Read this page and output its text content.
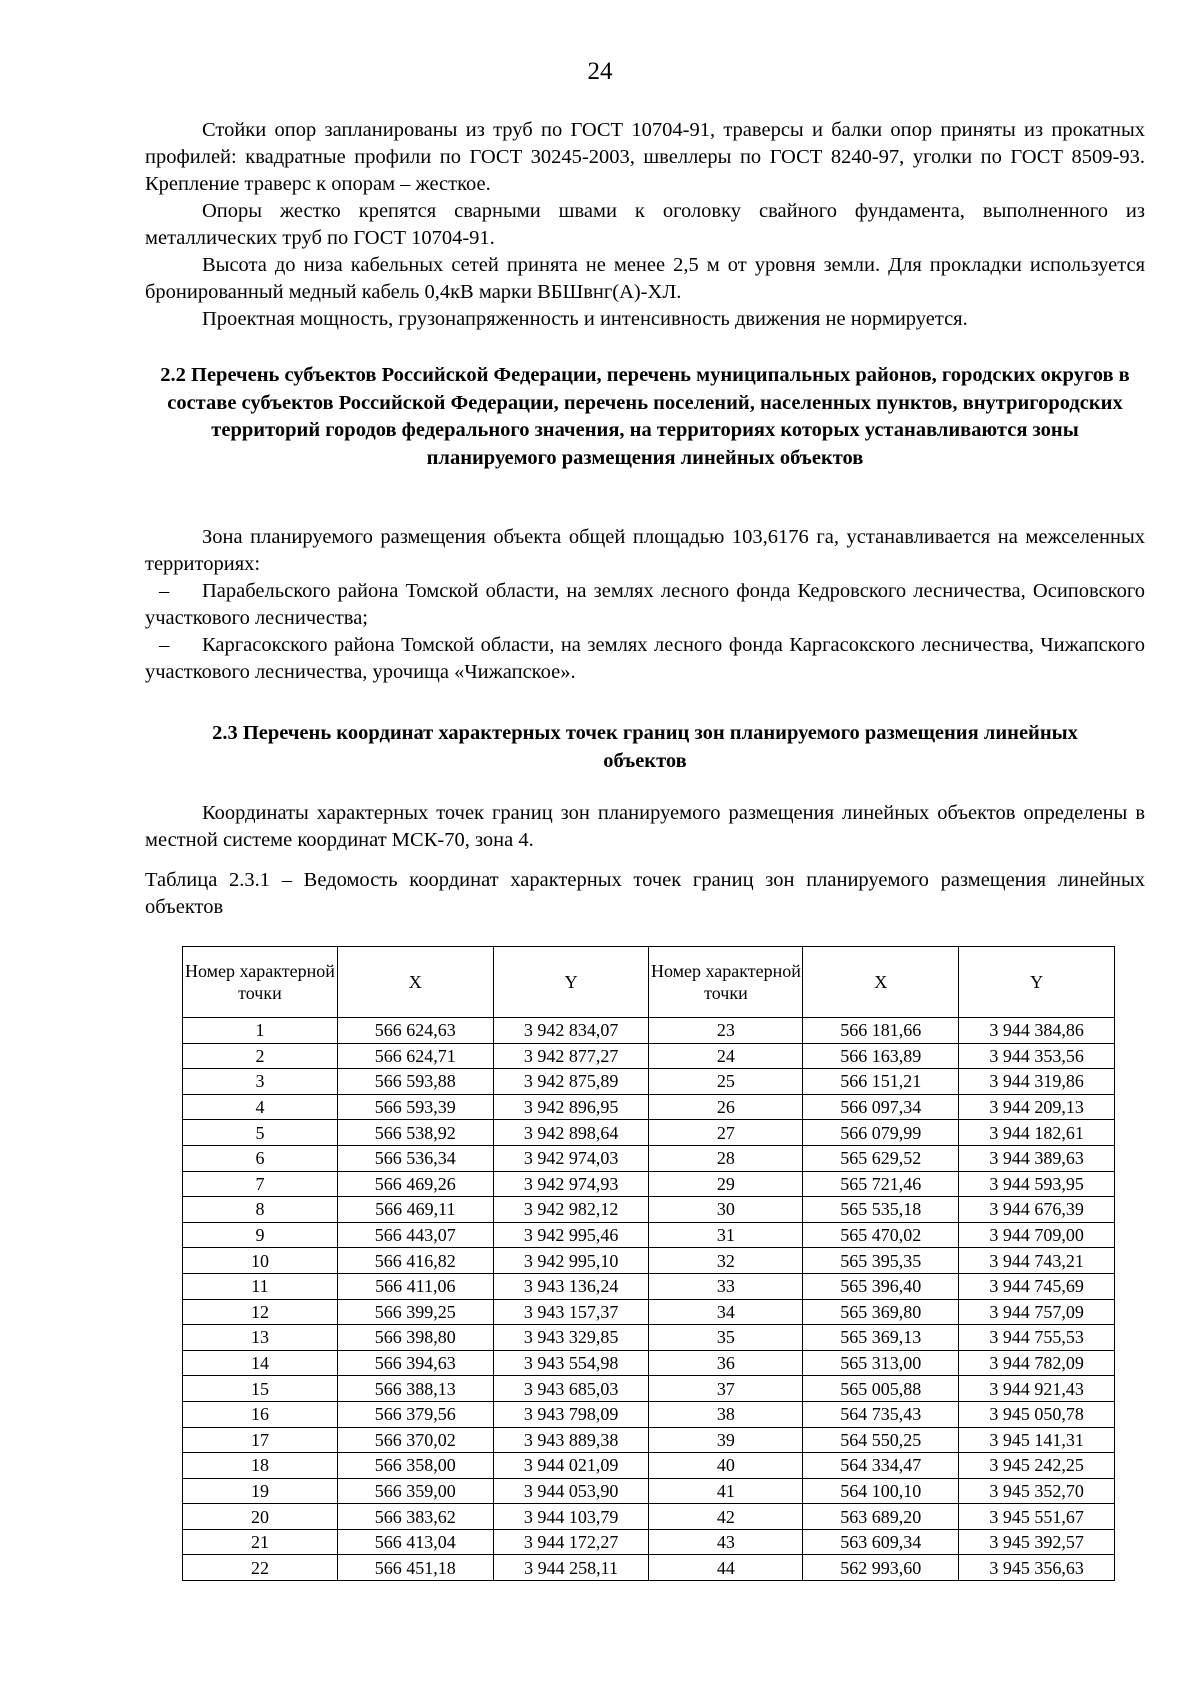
24

Стойки опор запланированы из труб по ГОСТ 10704-91, траверсы и балки опор приняты из прокатных профилей: квадратные профили по ГОСТ 30245-2003, швеллеры по ГОСТ 8240-97, уголки по ГОСТ 8509-93. Крепление траверс к опорам – жесткое.

Опоры жестко крепятся сварными швами к оголовку свайного фундамента, выполненного из металлических труб по ГОСТ 10704-91.

Высота до низа кабельных сетей принята не менее 2,5 м от уровня земли. Для прокладки используется бронированный медный кабель 0,4кВ марки ВБШвнг(А)-ХЛ.

Проектная мощность, грузонапряженность и интенсивность движения не нормируется.

2.2 Перечень субъектов Российской Федерации, перечень муниципальных районов, городских округов в составе субъектов Российской Федерации, перечень поселений, населенных пунктов, внутригородских территорий городов федерального значения, на территориях которых устанавливаются зоны планируемого размещения линейных объектов

Зона планируемого размещения объекта общей площадью 103,6176 га, устанавливается на межселенных территориях:

– Парабельского района Томской области, на землях лесного фонда Кедровского лесничества, Осиповского участкового лесничества;

– Каргасокского района Томской области, на землях лесного фонда Каргасокского лесничества, Чижапского участкового лесничества, урочища «Чижапское».

2.3 Перечень координат характерных точек границ зон планируемого размещения линейных объектов

Координаты характерных точек границ зон планируемого размещения линейных объектов определены в местной системе координат МСК-70, зона 4.

Таблица 2.3.1 – Ведомость координат характерных точек границ зон планируемого размещения линейных объектов

Номер характерной точки	X	Y	Номер характерной точки	X	Y
1	566 624,63	3 942 834,07	23	566 181,66	3 944 384,86
2	566 624,71	3 942 877,27	24	566 163,89	3 944 353,56
3	566 593,88	3 942 875,89	25	566 151,21	3 944 319,86
4	566 593,39	3 942 896,95	26	566 097,34	3 944 209,13
5	566 538,92	3 942 898,64	27	566 079,99	3 944 182,61
6	566 536,34	3 942 974,03	28	565 629,52	3 944 389,63
7	566 469,26	3 942 974,93	29	565 721,46	3 944 593,95
8	566 469,11	3 942 982,12	30	565 535,18	3 944 676,39
9	566 443,07	3 942 995,46	31	565 470,02	3 944 709,00
10	566 416,82	3 942 995,10	32	565 395,35	3 944 743,21
11	566 411,06	3 943 136,24	33	565 396,40	3 944 745,69
12	566 399,25	3 943 157,37	34	565 369,80	3 944 757,09
13	566 398,80	3 943 329,85	35	565 369,13	3 944 755,53
14	566 394,63	3 943 554,98	36	565 313,00	3 944 782,09
15	566 388,13	3 943 685,03	37	565 005,88	3 944 921,43
16	566 379,56	3 943 798,09	38	564 735,43	3 945 050,78
17	566 370,02	3 943 889,38	39	564 550,25	3 945 141,31
18	566 358,00	3 944 021,09	40	564 334,47	3 945 242,25
19	566 359,00	3 944 053,90	41	564 100,10	3 945 352,70
20	566 383,62	3 944 103,79	42	563 689,20	3 945 551,67
21	566 413,04	3 944 172,27	43	563 609,34	3 945 392,57
22	566 451,18	3 944 258,11	44	562 993,60	3 945 356,63
